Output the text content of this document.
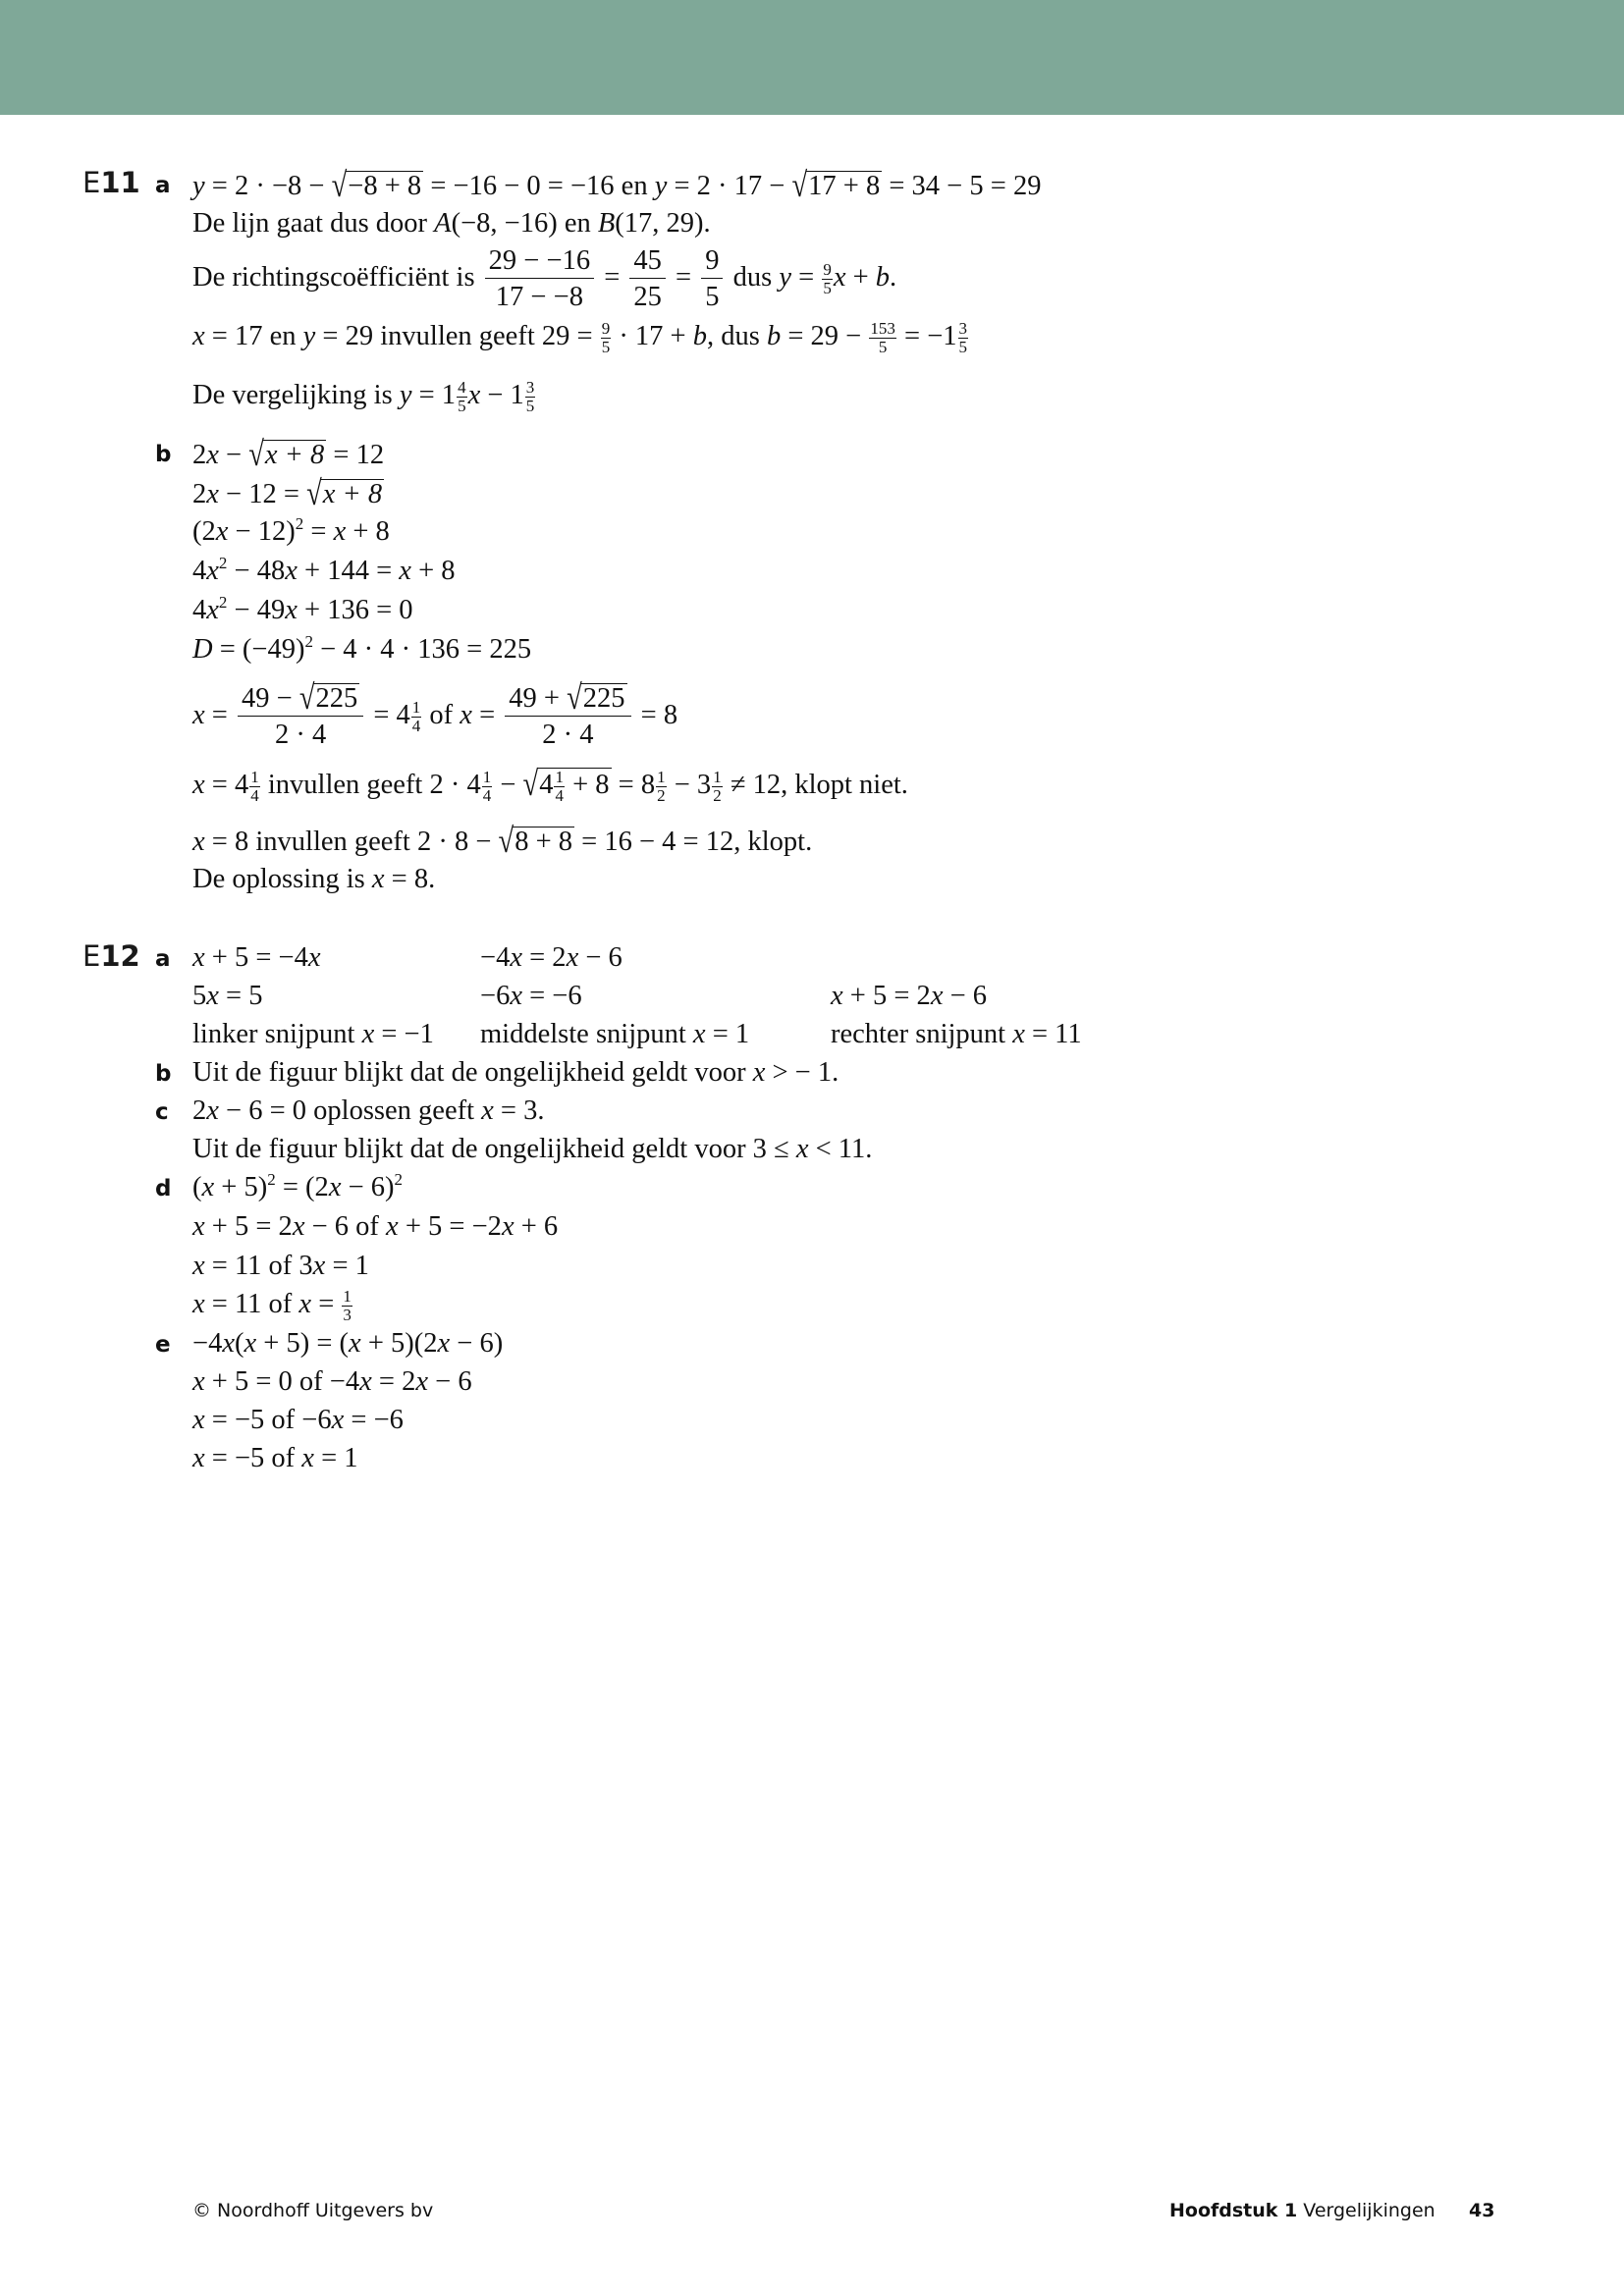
E11 a y = 2 · −8 − √−8 + 8 = −16 − 0 = −16 en y = 2 · 17 − √17 + 8 = 34 − 5 = 29
De lijn gaat dus door A(−8, −16) en B(17, 29).
De richtingscoëfficiënt is $\frac{29 - -16}{17 - -8} = \frac{45}{25} = \frac{9}{5}$ dus $y = \frac{9}{5}$ x + b.
x = 17 en y = 29 invullen geeft $29 = \frac{9}{5} \cdot 17 + b$, dus $b = 29 - \frac{153}{5} = -1 \frac{3}{5}$
De vergelijking is $y = 1 \frac{4}{5}$ $x - 1 \frac{3}{5}$
b 2x − √x + 8 = 12
2x − 12 = √x + 8
$(2x - 12)^2 = x + 8$
$4x^2 - 48x + 144 = x + 8$
$4x^2 - 49x + 136 = 0$
$D = (-49)^2 - 4 \cdot 4 \cdot 136 = 225$
$x = \frac{49 - √225}{2 \cdot 4} = 4 \frac{1}{4}$ of $x = \frac{49 + √225}{2 \cdot 4} = 8$
$x = 4 \frac{1}{4}$ invullen geeft $2 \cdot 4 \frac{1}{4} - √4 \frac{1}{4} + 8 = 8 \frac{1}{2} - 3 \frac{1}{2} \ne 12$, klopt niet.
x = 8 invullen geeft 2 · 8 − √8 + 8 = 16 − 4 = 12, klopt.
De oplossing is x = 8.
E12 a x + 5 = −4x
5x = 5
linker snijpunt x = −1
−4x = 2x − 6
−6x = −6
middelste snijpunt x = 1
x + 5 = 2x − 6
rechter snijpunt x = 11
b Uit de figuur blijkt dat de ongelijkheid geldt voor x > − 1.
c 2x − 6 = 0 oplossen geeft x = 3.
Uit de figuur blijkt dat de ongelijkheid geldt voor 3 ≤ x < 11.
d $(x + 5)^2 = (2x - 6)^2$
x + 5 = 2x − 6 of x + 5 = −2x + 6
x = 11 of 3x = 1
x = 11 of $x = \frac{1}{3}$
e −4x(x + 5) = (x + 5)(2x − 6)
x + 5 = 0 of −4x = 2x − 6
x = −5 of −6x = −6
x = −5 of x = 1
© Noordhoff Uitgevers bv	Hoofdstuk 1 Vergelijkingen 43
